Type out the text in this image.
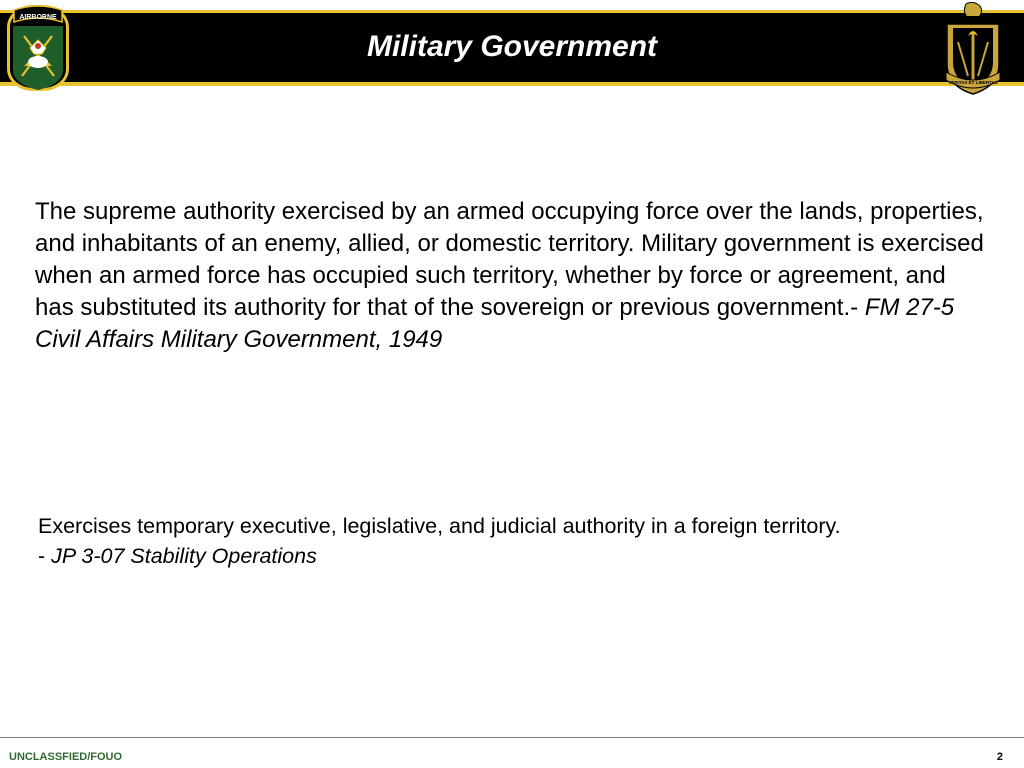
Military Government
AIRBORNE
VERITAS ET LIBERTAS

The supreme authority exercised by an armed occupying force over the lands, properties, and inhabitants of an enemy, allied, or domestic territory. Military government is exercised when an armed force has occupied such territory, whether by force or agreement, and has substituted its authority for that of the sovereign or previous government.- FM 27-5 Civil Affairs Military Government, 1949

Exercises temporary executive, legislative, and judicial authority in a foreign territory.
- JP 3-07 Stability Operations

UNCLASSFIED/FOUO	2
